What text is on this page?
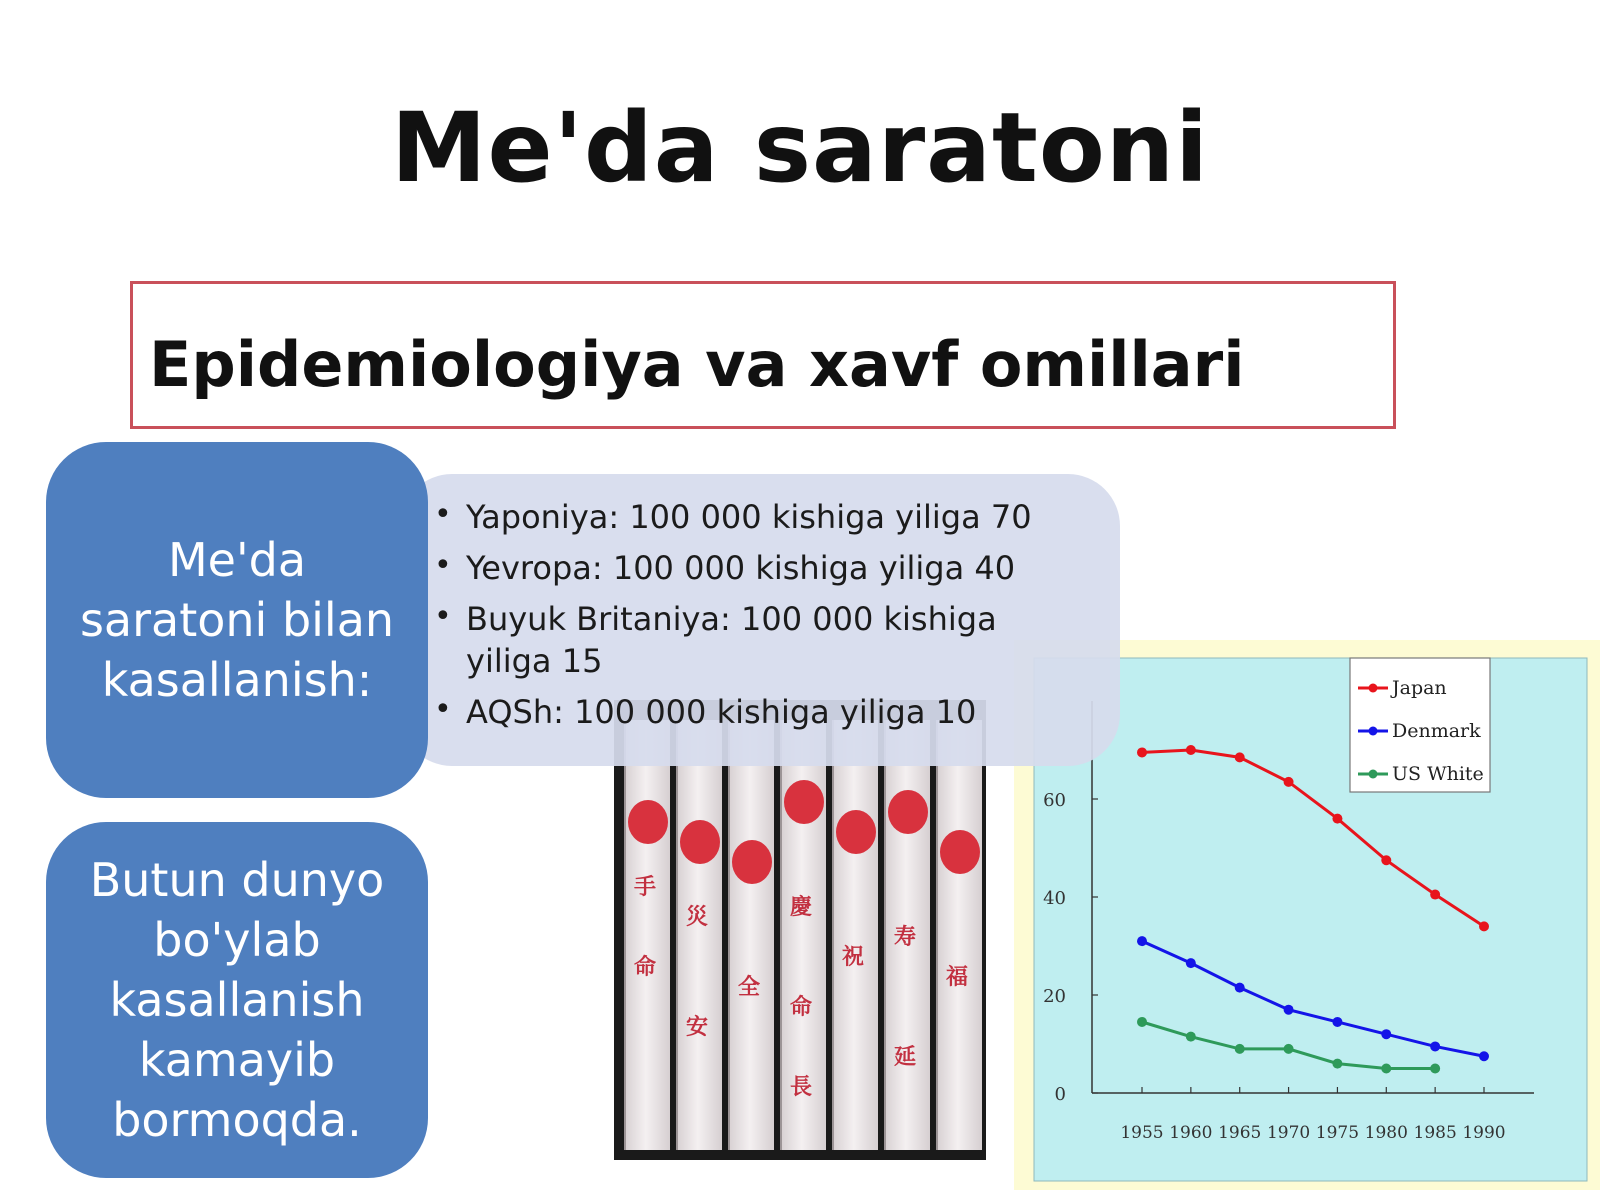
Me'da saratoni
Epidemiologiya va xavf omillari
0
20
40
60
1955 1960 1965 1970 1975 1980 1985 1990
Japan
Denmark
US White
手
命
災
安
全
慶
命
長
祝
寿
延
福
• Yaponiya: 100 000 kishiga yiliga 70
• Yevropa: 100 000 kishiga yiliga 40
• Buyuk Britaniya: 100 000 kishiga yiliga 15
• AQSh: 100 000 kishiga yiliga 10
Me'da saratoni bilan kasallanish:
Butun dunyo bo'ylab kasallanish kamayib bormoqda.
